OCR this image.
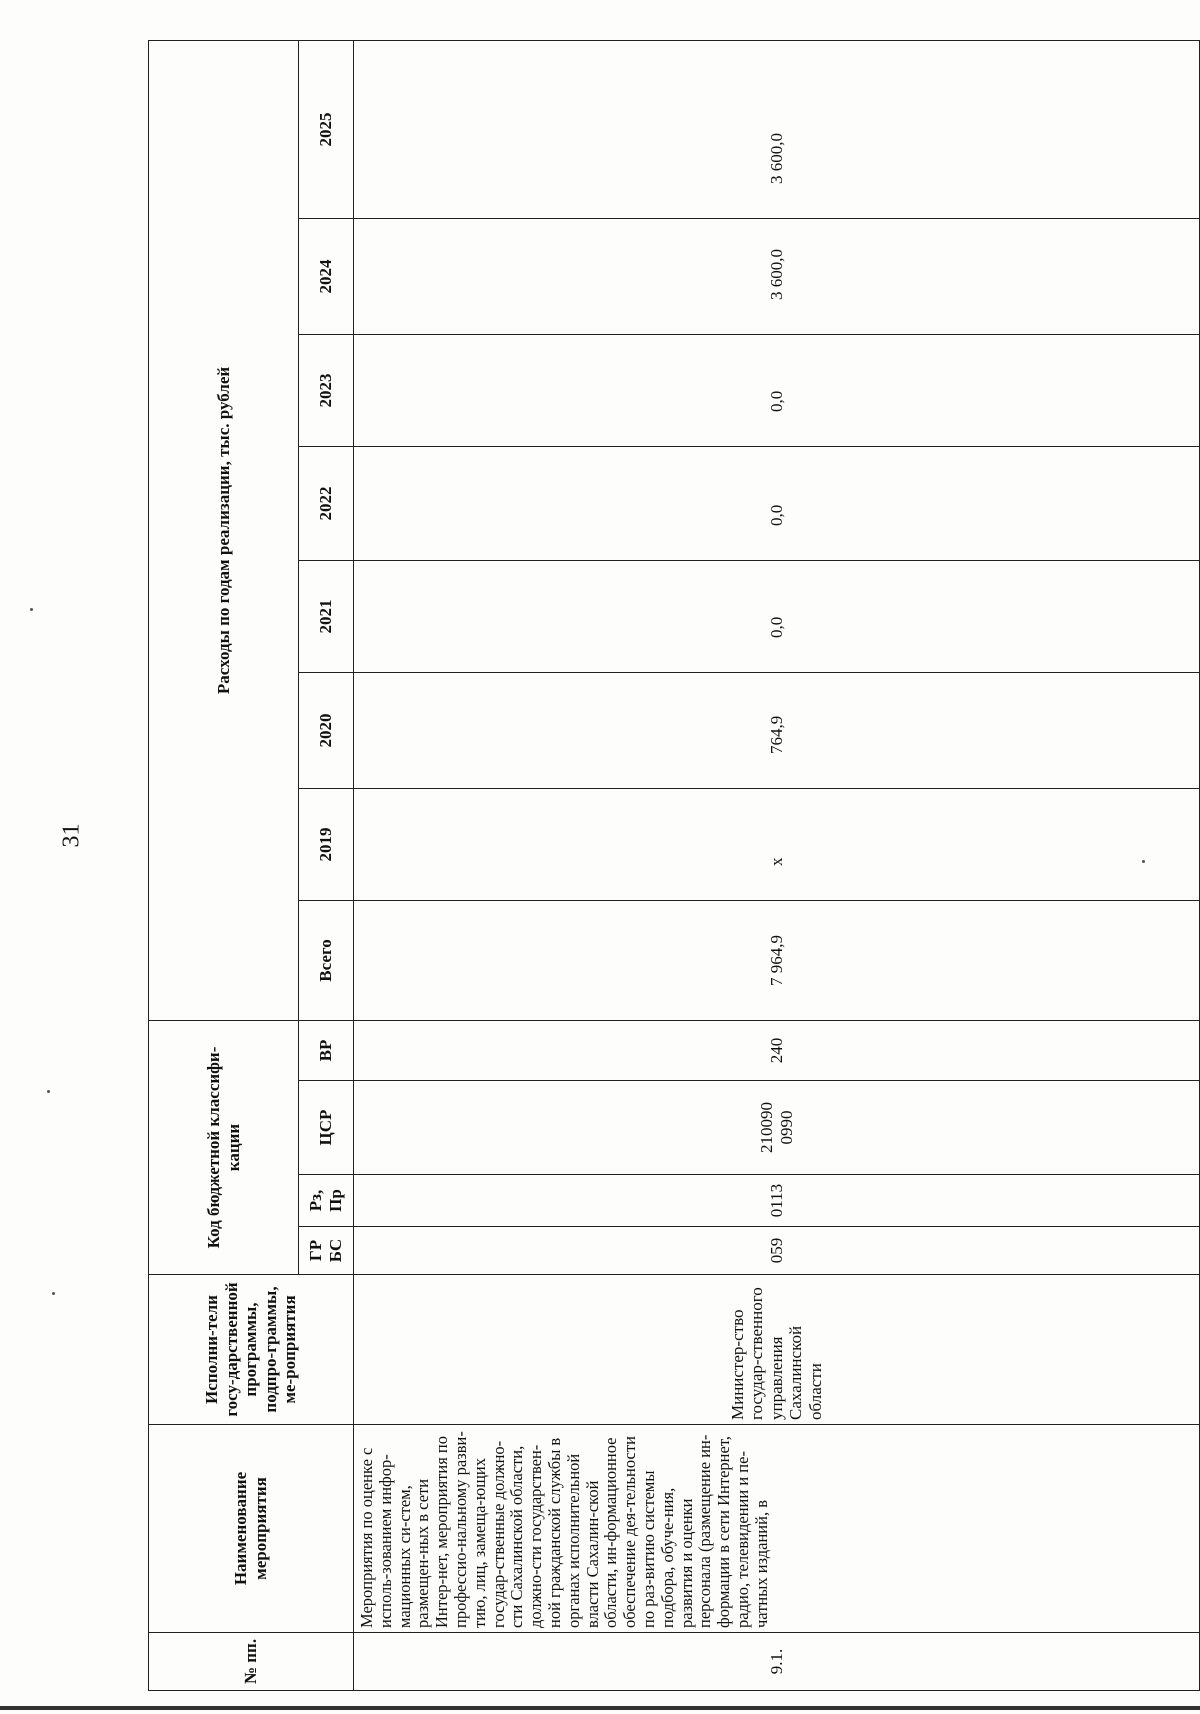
31
№ пп.	Наименование мероприятия	Исполни-тели госу-дарственной программы, подпро-граммы, ме-роприятия	Код бюджетной классифи-кации				Расходы по годам реализации, тыс. рублей							
			ГР БС	Рз, Пр	ЦСР	ВР	Всего	2019	2020	2021	2022	2023	2024	2025
9.1.	Мероприятия по оценке с исполь-зованием инфор-мационных си-стем, размещен-ных в сети Интер-нет, мероприятия по профессио-нальному разви-тию, лиц, замеща-ющих государ-ственные должно-сти Сахалинской области, должно-сти государствен-ной гражданской службы в органах исполнительной власти Сахалин-ской области, ин-формационное обеспечение дея-тельности по раз-витию системы подбора, обуче-ния, развития и оценки персонала (размещение ин-формации в сети Интернет, радио, телевидении и пе-чатных изданий, в	Министер-ство государ-ственного управления Сахалинской области	059	0113	210090 0990	240	7 964,9	x	764,9	0,0	0,0	0,0	3 600,0	3 600,0
